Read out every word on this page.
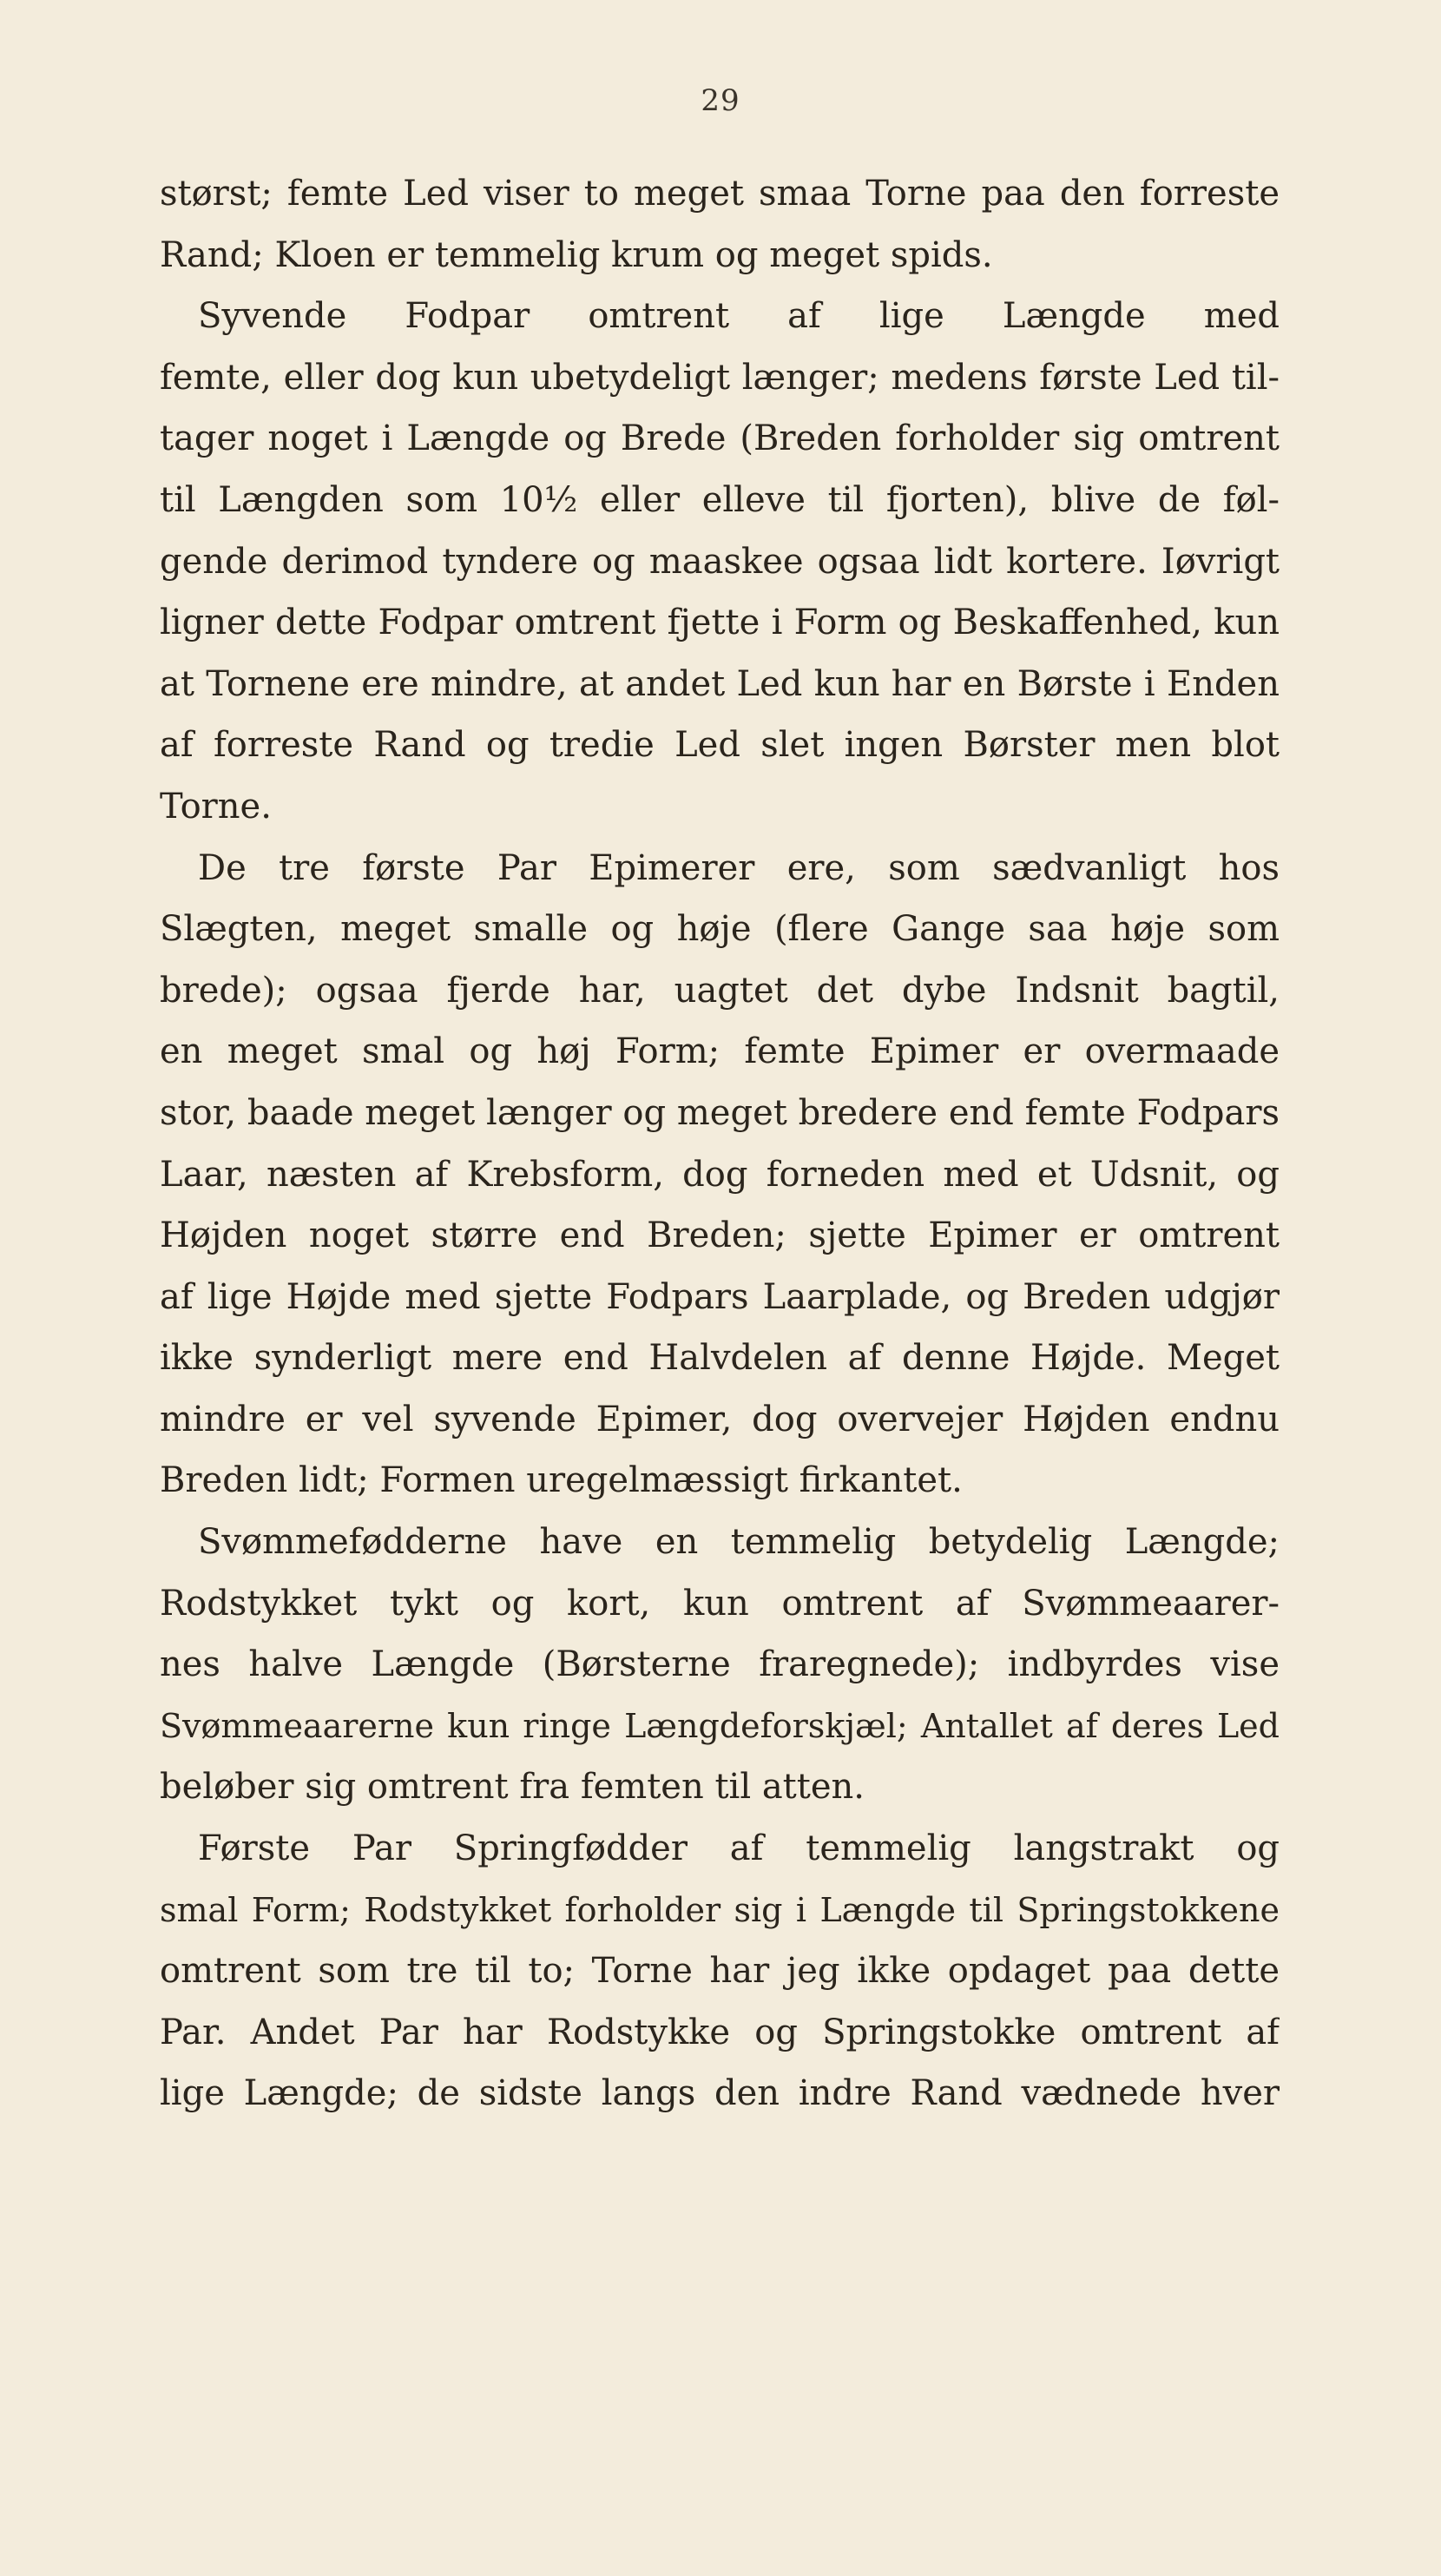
29
størst; femte Led viser to meget smaa Torne paa den forreste
Rand; Kloen er temmelig krum og meget spids.
Syvende Fodpar omtrent af lige Længde med
femte, eller dog kun ubetydeligt længer; medens første Led til-
tager noget i Længde og Brede (Breden forholder sig omtrent
til Længden som 10½ eller elleve til fjorten), blive de føl-
gende derimod tyndere og maaskee ogsaa lidt kortere. Iøvrigt
ligner dette Fodpar omtrent fjette i Form og Beskaffenhed, kun
at Tornene ere mindre, at andet Led kun har en Børste i Enden
af forreste Rand og tredie Led slet ingen Børster men blot
Torne.
De tre første Par Epimerer ere, som sædvanligt hos
Slægten, meget smalle og høje (flere Gange saa høje som
brede); ogsaa fjerde har, uagtet det dybe Indsnit bagtil,
en meget smal og høj Form; femte Epimer er overmaade
stor, baade meget længer og meget bredere end femte Fodpars
Laar, næsten af Krebsform, dog forneden med et Udsnit, og
Højden noget større end Breden; sjette Epimer er omtrent
af lige Højde med sjette Fodpars Laarplade, og Breden udgjør
ikke synderligt mere end Halvdelen af denne Højde. Meget
mindre er vel syvende Epimer, dog overvejer Højden endnu
Breden lidt; Formen uregelmæssigt firkantet.
Svømmefødderne have en temmelig betydelig Længde;
Rodstykket tykt og kort, kun omtrent af Svømmeaarer-
nes halve Længde (Børsterne fraregnede); indbyrdes vise
Svømmeaarerne kun ringe Længdeforskjæl; Antallet af deres Led
beløber sig omtrent fra femten til atten.
Første Par Springfødder af temmelig langstrakt og
smal Form; Rodstykket forholder sig i Længde til Springstokkene
omtrent som tre til to; Torne har jeg ikke opdaget paa dette
Par. Andet Par har Rodstykke og Springstokke omtrent af
lige Længde; de sidste langs den indre Rand vædnede hver
